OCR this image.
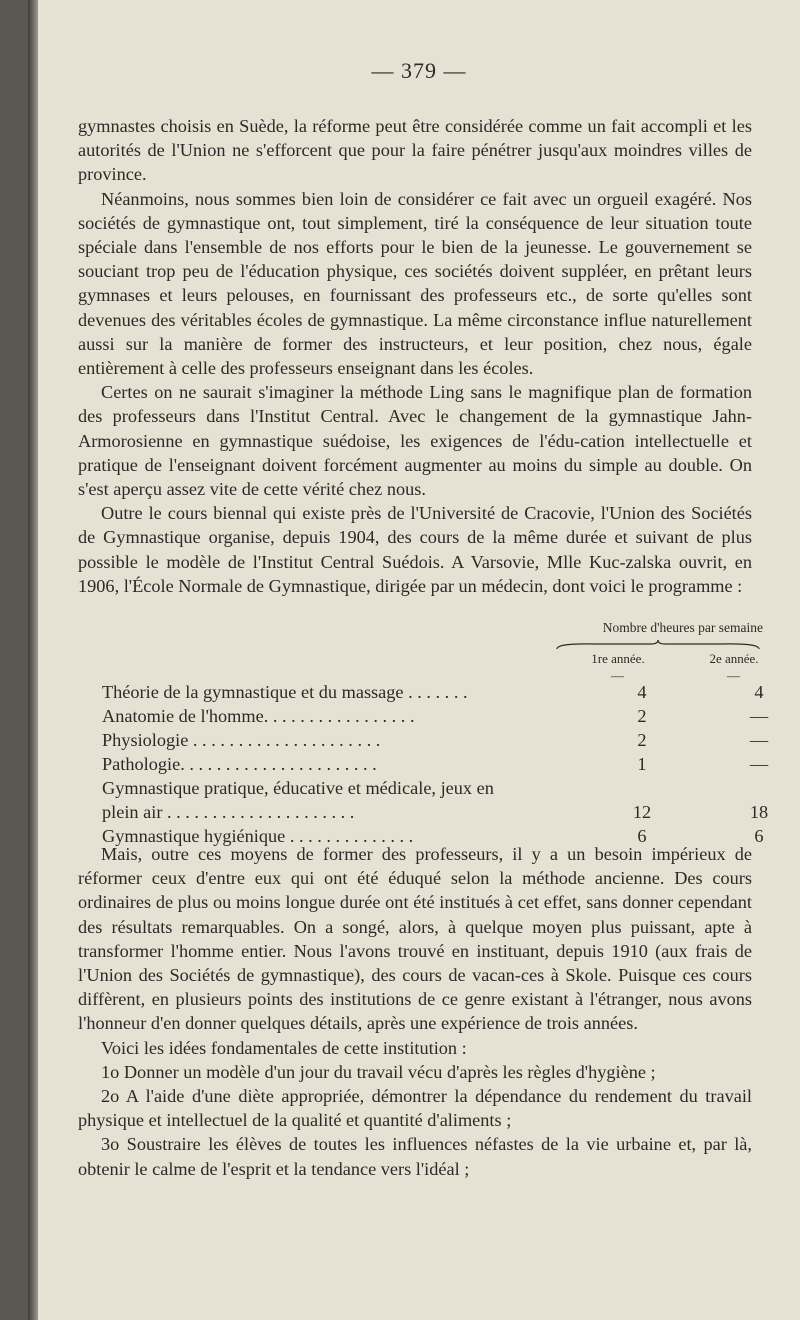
— 379 —

gymnastes choisis en Suède, la réforme peut être considérée comme un fait accompli et les autorités de l'Union ne s'efforcent que pour la faire pénétrer jusqu'aux moindres villes de province.

Néanmoins, nous sommes bien loin de considérer ce fait avec un orgueil exagéré. Nos sociétés de gymnastique ont, tout simplement, tiré la conséquence de leur situation toute spéciale dans l'ensemble de nos efforts pour le bien de la jeunesse. Le gouvernement se souciant trop peu de l'éducation physique, ces sociétés doivent suppléer, en prêtant leurs gymnases et leurs pelouses, en fournissant des professeurs etc., de sorte qu'elles sont devenues des véritables écoles de gymnastique. La même circonstance influe naturellement aussi sur la manière de former des instructeurs, et leur position, chez nous, égale entièrement à celle des professeurs enseignant dans les écoles.

Certes on ne saurait s'imaginer la méthode Ling sans le magnifique plan de formation des professeurs dans l'Institut Central. Avec le changement de la gymnastique Jahn-Armorosienne en gymnastique suédoise, les exigences de l'édu-cation intellectuelle et pratique de l'enseignant doivent forcément augmenter au moins du simple au double. On s'est aperçu assez vite de cette vérité chez nous.

Outre le cours biennal qui existe près de l'Université de Cracovie, l'Union des Sociétés de Gymnastique organise, depuis 1904, des cours de la même durée et suivant de plus possible le modèle de l'Institut Central Suédois. A Varsovie, Mlle Kuc-zalska ouvrit, en 1906, l'École Normale de Gymnastique, dirigée par un médecin, dont voici le programme :

Nombre d'heures par semaine
1re année.	2e année.
—	—
Théorie de la gymnastique et du massage . . . . . . .	4	4
Anatomie de l'homme. . . . . . . . . . . . . . . . .	2	—
Physiologie . . . . . . . . . . . . . . . . . . . . .	2	—
Pathologie. . . . . . . . . . . . . . . . . . . . . .	1	—
Gymnastique pratique, éducative et médicale, jeux en
plein air . . . . . . . . . . . . . . . . . . . . .	12	18
Gymnastique hygiénique . . . . . . . . . . . . . .	6	6

Mais, outre ces moyens de former des professeurs, il y a un besoin impérieux de réformer ceux d'entre eux qui ont été éduqué selon la méthode ancienne. Des cours ordinaires de plus ou moins longue durée ont été institués à cet effet, sans donner cependant des résultats remarquables. On a songé, alors, à quelque moyen plus puissant, apte à transformer l'homme entier. Nous l'avons trouvé en instituant, depuis 1910 (aux frais de l'Union des Sociétés de gymnastique), des cours de vacan-ces à Skole. Puisque ces cours diffèrent, en plusieurs points des institutions de ce genre existant à l'étranger, nous avons l'honneur d'en donner quelques détails, après une expérience de trois années.

Voici les idées fondamentales de cette institution :

1o Donner un modèle d'un jour du travail vécu d'après les règles d'hygiène ;

2o A l'aide d'une diète appropriée, démontrer la dépendance du rendement du travail physique et intellectuel de la qualité et quantité d'aliments ;

3o Soustraire les élèves de toutes les influences néfastes de la vie urbaine et, par là, obtenir le calme de l'esprit et la tendance vers l'idéal ;
